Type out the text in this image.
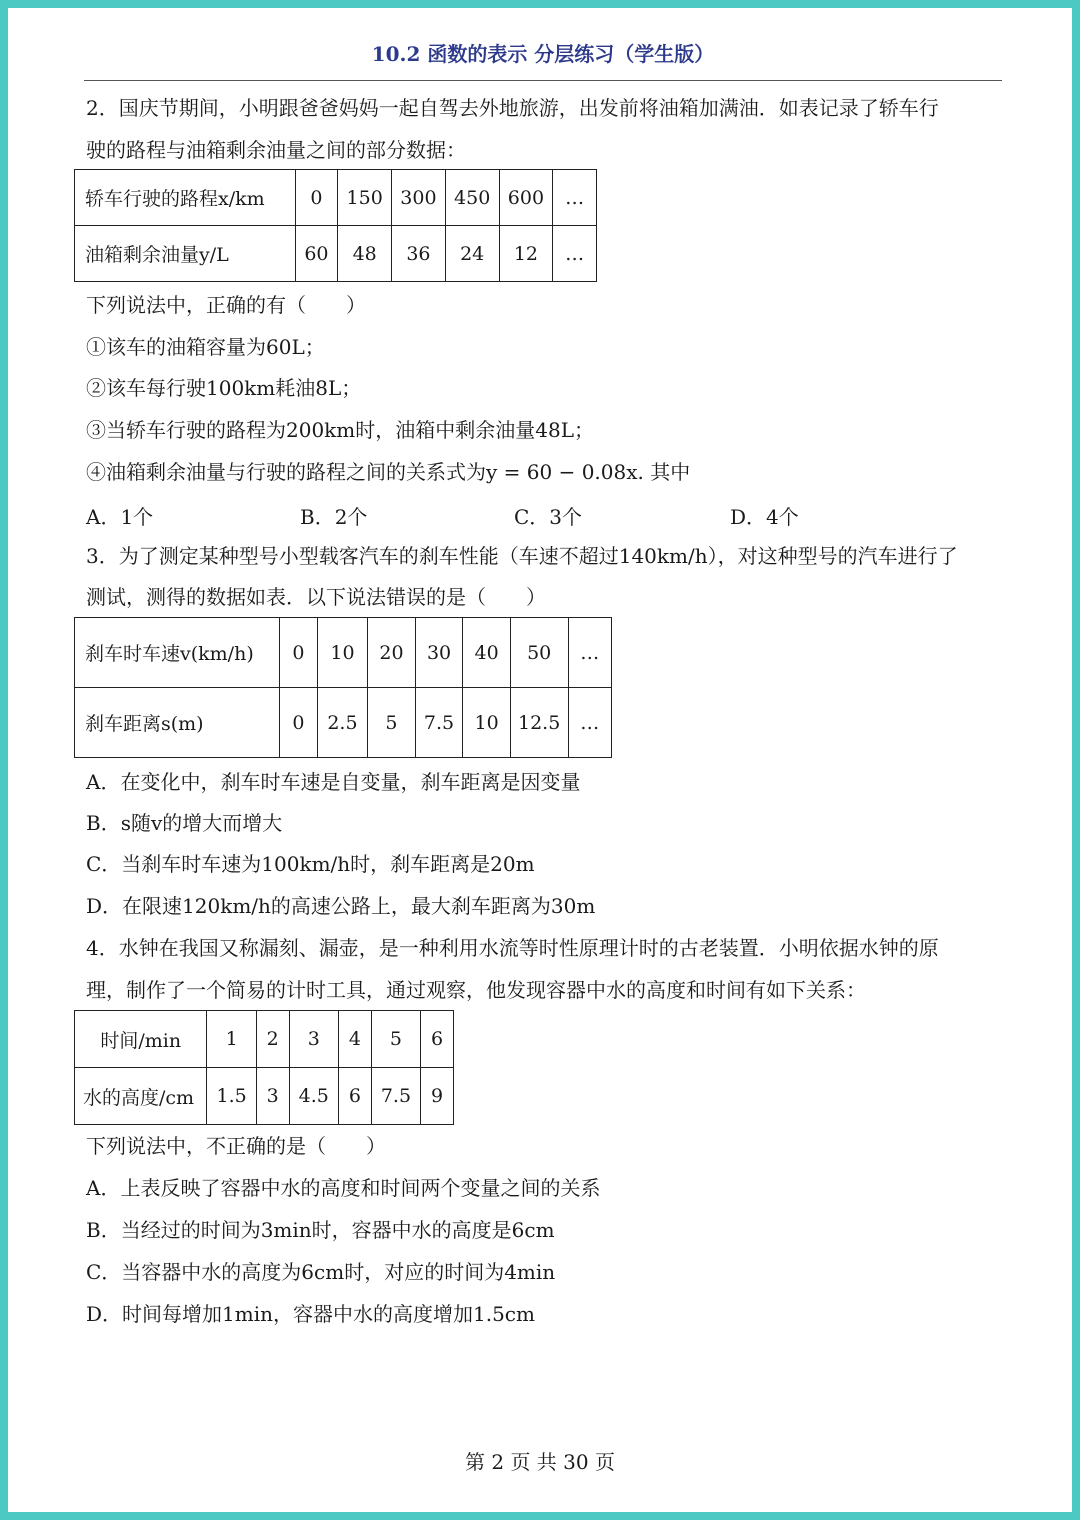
10.2 函数的表示 分层练习（学生版）
2．国庆节期间，小明跟爸爸妈妈一起自驾去外地旅游，出发前将油箱加满油．如表记录了轿车行
驶的路程与油箱剩余油量之间的部分数据：
轿车行驶的路程x/km	0	150	300	450	600	…
油箱剩余油量y/L	60	48	36	24	12	…
下列说法中，正确的有（　　）
①该车的油箱容量为60L；
②该车每行驶100km耗油8L；
③当轿车行驶的路程为200km时，油箱中剩余油量48L；
④油箱剩余油量与行驶的路程之间的关系式为y = 60 − 0.08x. 其中
A．1个	B．2个	C．3个	D．4个
3．为了测定某种型号小型载客汽车的刹车性能（车速不超过140km/h），对这种型号的汽车进行了
测试，测得的数据如表．以下说法错误的是（　　）
刹车时车速v(km/h)	0	10	20	30	40	50	…
刹车距离s(m)	0	2.5	5	7.5	10	12.5	…
A．在变化中，刹车时车速是自变量，刹车距离是因变量
B．s随v的增大而增大
C．当刹车时车速为100km/h时，刹车距离是20m
D．在限速120km/h的高速公路上，最大刹车距离为30m
4．水钟在我国又称漏刻、漏壶，是一种利用水流等时性原理计时的古老装置．小明依据水钟的原
理，制作了一个简易的计时工具，通过观察，他发现容器中水的高度和时间有如下关系：
时间/min	1	2	3	4	5	6
水的高度/cm	1.5	3	4.5	6	7.5	9
下列说法中，不正确的是（　　）
A．上表反映了容器中水的高度和时间两个变量之间的关系
B．当经过的时间为3min时，容器中水的高度是6cm
C．当容器中水的高度为6cm时，对应的时间为4min
D．时间每增加1min，容器中水的高度增加1.5cm
第 2 页 共 30 页
